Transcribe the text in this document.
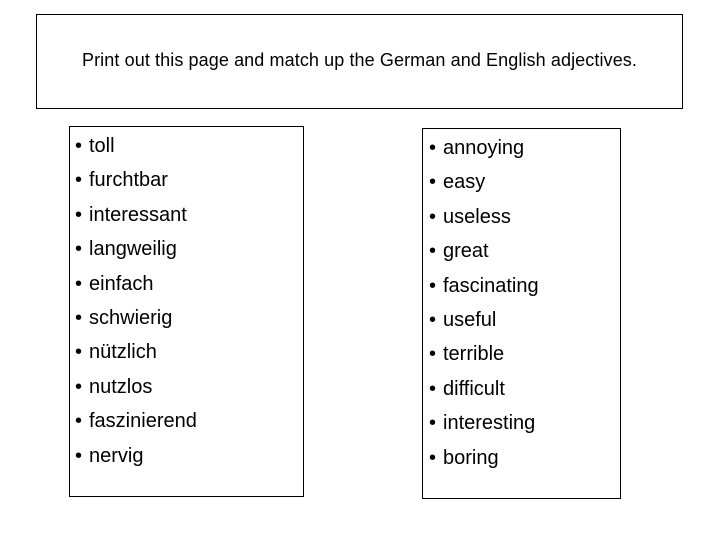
Print out this page and match up the German and English adjectives.
• toll
• furchtbar
• interessant
• langweilig
• einfach
• schwierig
• nützlich
• nutzlos
• faszinierend
• nervig
• annoying
• easy
• useless
• great
• fascinating
• useful
• terrible
• difficult
• interesting
• boring
